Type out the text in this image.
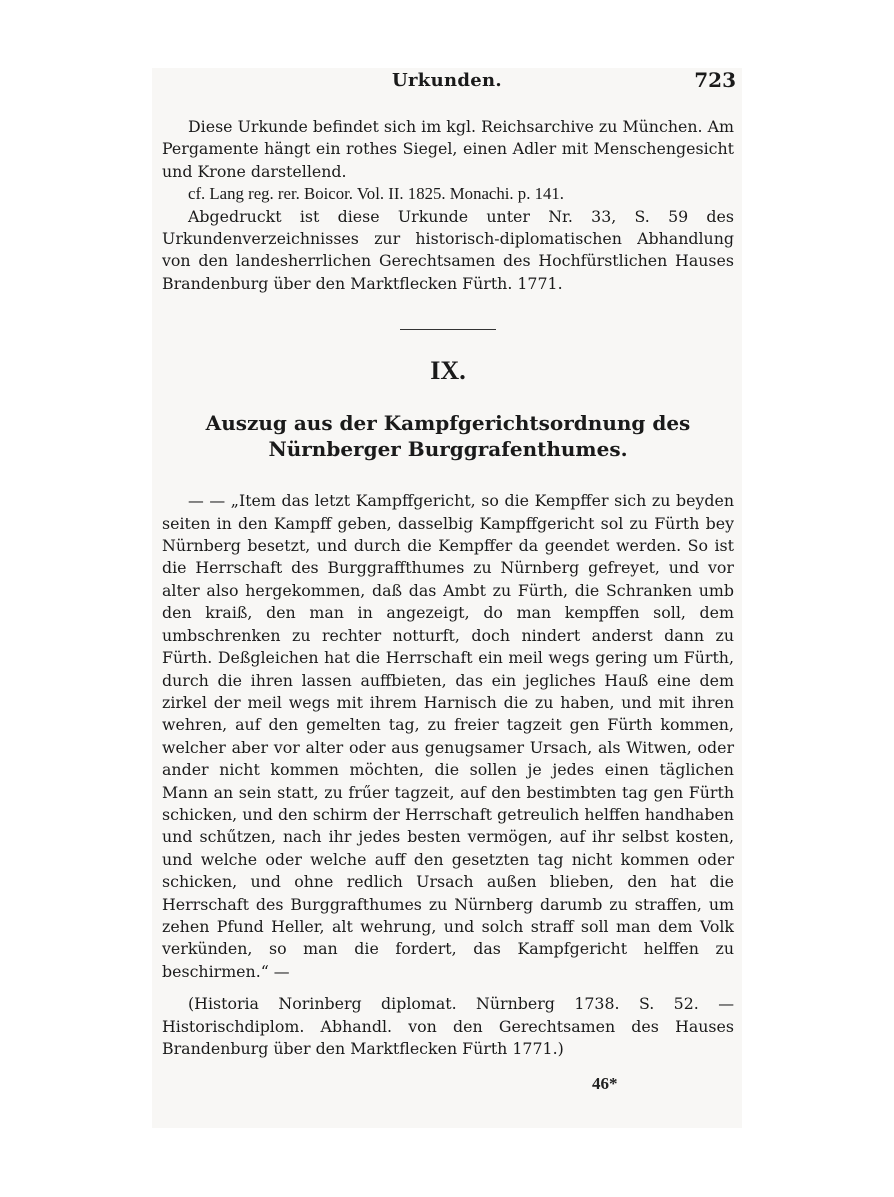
Urkunden.	723

Diese Urkunde befindet sich im kgl. Reichsarchive zu München. Am Pergamente hängt ein rothes Siegel, einen Adler mit Menschengesicht und Krone darstellend.

cf. Lang reg. rer. Boicor. Vol. II. 1825. Monachi. p. 141.

Abgedruckt ist diese Urkunde unter Nr. 33, S. 59 des Urkundenverzeichnisses zur historisch-diplomatischen Abhandlung von den landesherrlichen Gerechtsamen des Hochfürstlichen Hauses Brandenburg über den Marktflecken Fürth. 1771.

IX.
Auszug aus der Kampfgerichtsordnung des Nürnberger Burggrafenthumes.

— — „Item das letzt Kampffgericht, so die Kempffer sich zu beyden seiten in den Kampff geben, dasselbig Kampffgericht sol zu Fürth bey Nürnberg besetzt, und durch die Kempffer da geendet werden. So ist die Herrschaft des Burggraffthumes zu Nürnberg gefreyet, und vor alter also hergekommen, daß das Ambt zu Fürth, die Schranken umb den kraiß, den man in angezeigt, do man kempffen soll, dem umbschrenken zu rechter notturft, doch nindert anderst dann zu Fürth. Deßgleichen hat die Herrschaft ein meil wegs gering um Fürth, durch die ihren lassen auffbieten, das ein jegliches Hauß eine dem zirkel der meil wegs mit ihrem Harnisch die zu haben, und mit ihren wehren, auf den gemelten tag, zu freier tagzeit gen Fürth kommen, welcher aber vor alter oder aus genugsamer Ursach, als Witwen, oder ander nicht kommen möchten, die sollen je jedes einen täglichen Mann an sein statt, zu frűer tagzeit, auf den bestimbten tag gen Fürth schicken, und den schirm der Herrschaft getreulich helffen handhaben und schűtzen, nach ihr jedes besten vermögen, auf ihr selbst kosten, und welche oder welche auff den gesetzten tag nicht kommen oder schicken, und ohne redlich Ursach außen blieben, den hat die Herrschaft des Burggrafthumes zu Nürnberg darumb zu straffen, um zehen Pfund Heller, alt wehrung, und solch straff soll man dem Volk verkünden, so man die fordert, das Kampfgericht helffen zu beschirmen.“ —

(Historia Norinberg diplomat. Nürnberg 1738. S. 52. — Historischdiplom. Abhandl. von den Gerechtsamen des Hauses Brandenburg über den Marktflecken Fürth 1771.)

46*
